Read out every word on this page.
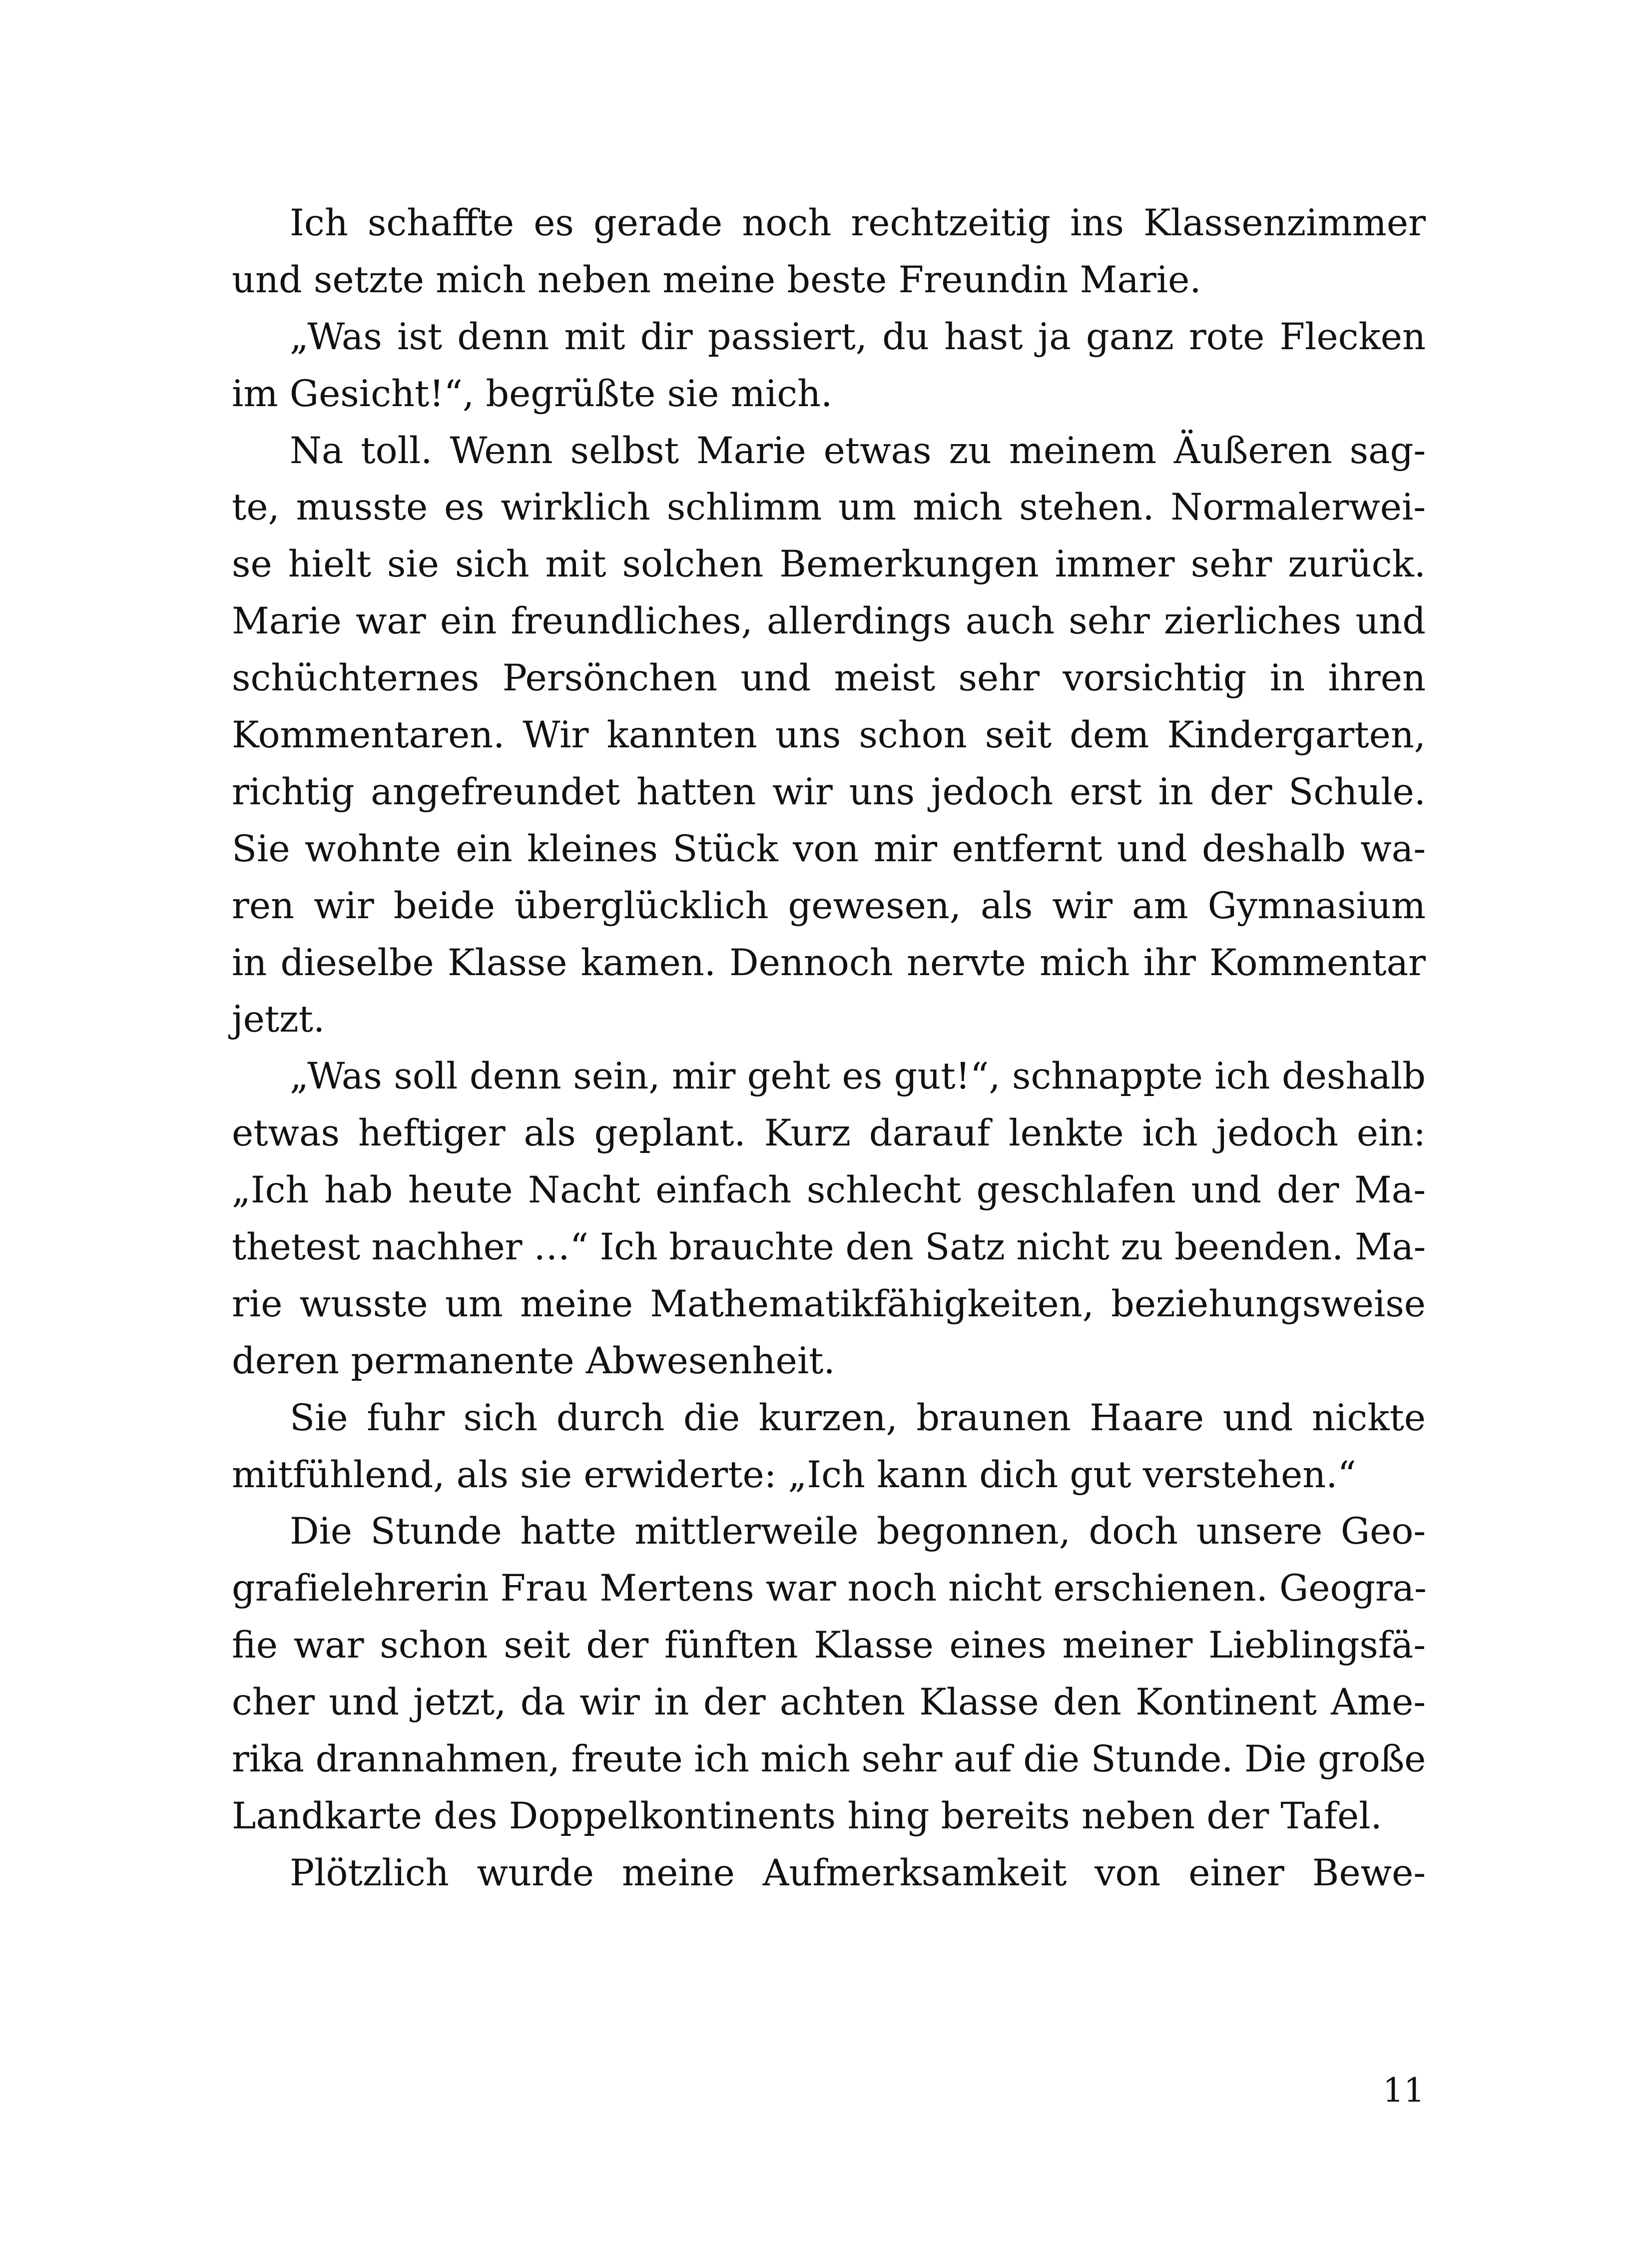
Ich schaffte es gerade noch rechtzeitig ins Klassenzimmer
und setzte mich neben meine beste Freundin Marie.
„Was ist denn mit dir passiert, du hast ja ganz rote Flecken
im Gesicht!“, begrüßte sie mich.
Na toll. Wenn selbst Marie etwas zu meinem Äußeren sag-
te, musste es wirklich schlimm um mich stehen. Normalerwei-
se hielt sie sich mit solchen Bemerkungen immer sehr zurück.
Marie war ein freundliches, allerdings auch sehr zierliches und
schüchternes Persönchen und meist sehr vorsichtig in ihren
Kommentaren. Wir kannten uns schon seit dem Kindergarten,
richtig angefreundet hatten wir uns jedoch erst in der Schule.
Sie wohnte ein kleines Stück von mir entfernt und deshalb wa-
ren wir beide überglücklich gewesen, als wir am Gymnasium
in dieselbe Klasse kamen. Dennoch nervte mich ihr Kommentar
jetzt.
„Was soll denn sein, mir geht es gut!“, schnappte ich deshalb
etwas heftiger als geplant. Kurz darauf lenkte ich jedoch ein:
„Ich hab heute Nacht einfach schlecht geschlafen und der Ma-
thetest nachher …“ Ich brauchte den Satz nicht zu beenden. Ma-
rie wusste um meine Mathematikfähigkeiten, beziehungsweise
deren permanente Abwesenheit.
Sie fuhr sich durch die kurzen, braunen Haare und nickte
mitfühlend, als sie erwiderte: „Ich kann dich gut verstehen.“
Die Stunde hatte mittlerweile begonnen, doch unsere Geo-
grafielehrerin Frau Mertens war noch nicht erschienen. Geogra-
fie war schon seit der fünften Klasse eines meiner Lieblingsfä-
cher und jetzt, da wir in der achten Klasse den Kontinent Ame-
rika drannahmen, freute ich mich sehr auf die Stunde. Die große
Landkarte des Doppelkontinents hing bereits neben der Tafel.
Plötzlich wurde meine Aufmerksamkeit von einer Bewe-
11
